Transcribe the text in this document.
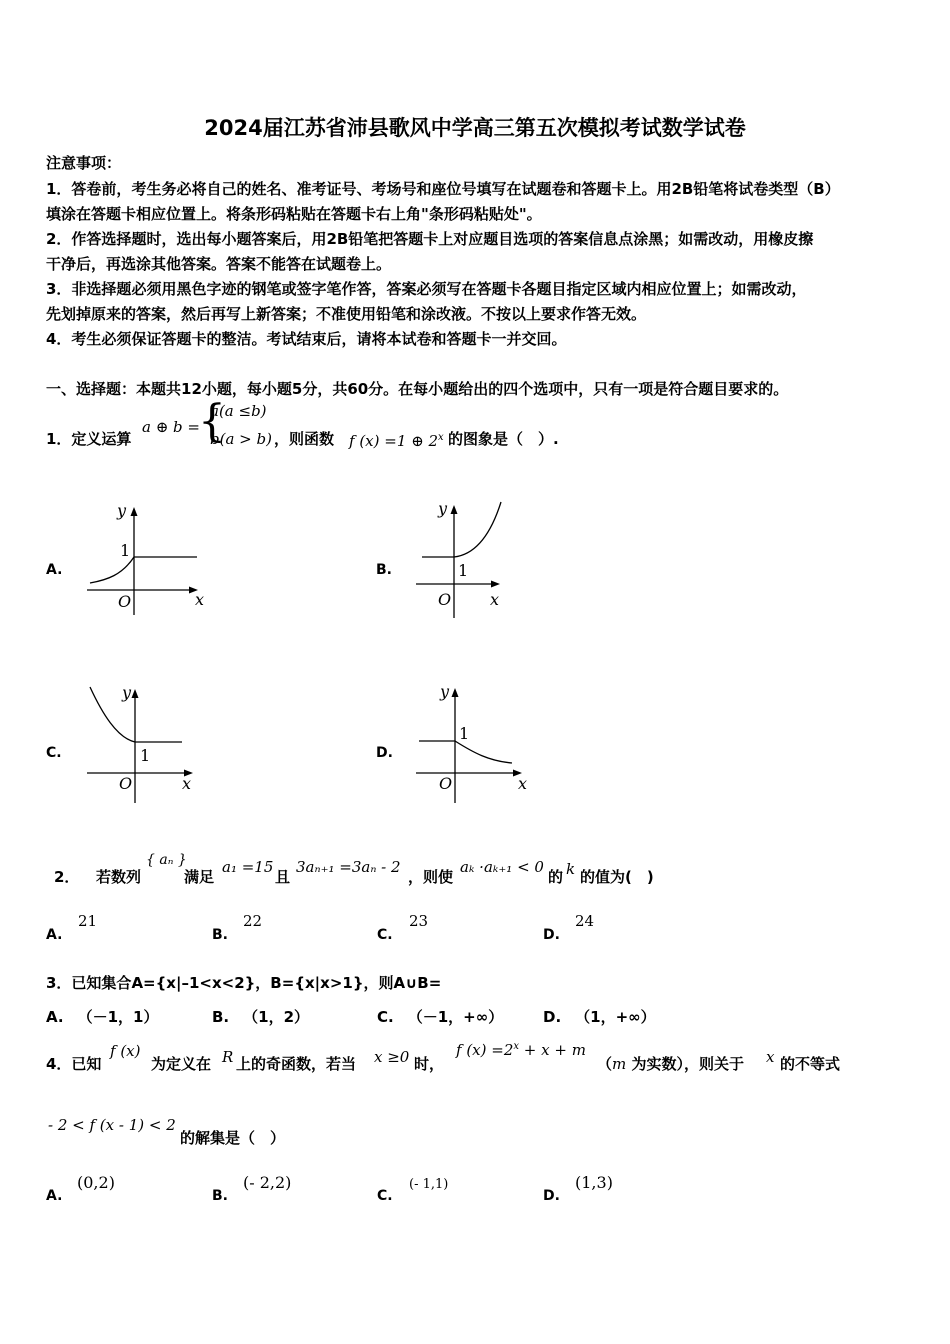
2024届江苏省沛县歌风中学高三第五次模拟考试数学试卷
注意事项：
1．答卷前，考生务必将自己的姓名、准考证号、考场号和座位号填写在试题卷和答题卡上。用2B铅笔将试卷类型（B）
填涂在答题卡相应位置上。将条形码粘贴在答题卡右上角"条形码粘贴处"。
2．作答选择题时，选出每小题答案后，用2B铅笔把答题卡上对应题目选项的答案信息点涂黑；如需改动，用橡皮擦
干净后，再选涂其他答案。答案不能答在试题卷上。
3．非选择题必须用黑色字迹的钢笔或签字笔作答，答案必须写在答题卡各题目指定区域内相应位置上；如需改动，
先划掉原来的答案，然后再写上新答案；不准使用铅笔和涂改液。不按以上要求作答无效。
4．考生必须保证答题卡的整洁。考试结束后，请将本试卷和答题卡一并交回。
一、选择题：本题共12小题，每小题5分，共60分。在每小题给出的四个选项中，只有一项是符合题目要求的。
1．定义运算
a ⊕ b =
{
a(a ≤b)
b(a > b) ，则函数 f (x) =1 ⊕ 2$^x$ 的图象是（　）.
A.
y
x
O
1
B.
y
x
O
1
C.
y
x
O
1	D.
y
x
O
1
2． 若数列
{ aₙ }
满足
a₁ =15
且
3aₙ₊₁ =3aₙ - 2
，则使
aₖ ·aₖ₊₁ < 0
的 k 的值为(　)
A.
21
B.
22
C.
23
D.
24
3．已知集合A={x|–1<x<2}，B={x|x>1}，则A∪B=
A. （－1，1）	B. （1，2）	C. （－1，+∞）	D. （1，+∞）
4．已知
f (x)
为定义在 R 上的奇函数，若当 x ≥0 时，
f $(x) =2^x + x + m$
（m 为实数），则关于 x 的不等式
- 2 < f (x - 1) < 2
的解集是（　）
A.
(0,2)
B.
(- 2,2)
C.
(- 1,1)
D.
(1,3)
